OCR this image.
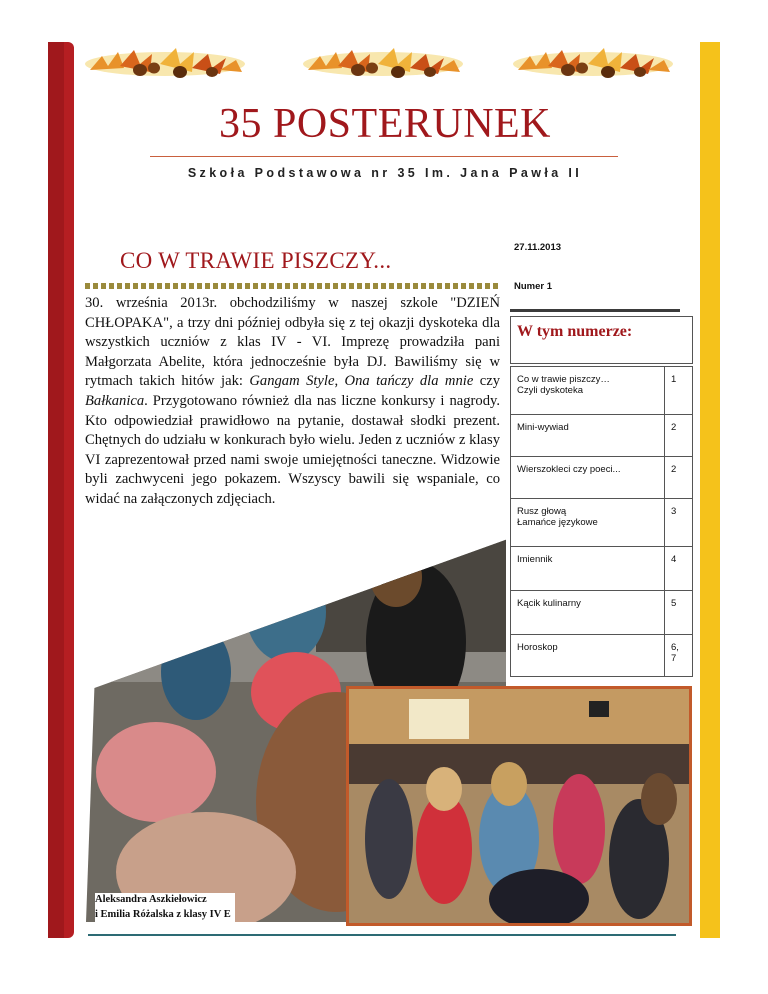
35 POSTERUNEK
Szkoła Podstawowa nr 35 Im. Jana Pawła II
CO W TRAWIE PISZCZY...
30. września 2013r. obchodziliśmy w naszej szkole "DZIEŃ CHŁOPAKA", a trzy dni później odbyła się z tej okazji dyskoteka dla wszystkich uczniów z klas IV - VI. Imprezę prowadziła pani Małgorzata Abelite, która jednocześnie była DJ. Bawiliśmy się w rytmach takich hitów jak: Gangam Style, Ona tańczy dla mnie czy Bałkanica. Przygotowano również dla nas liczne konkursy i nagrody. Kto odpowiedział prawidłowo na pytanie, dostawał słodki prezent. Chętnych do udziału w konkurach było wielu. Jeden z uczniów z klasy VI zaprezentował przed nami swoje umiejętności taneczne. Widzowie byli zachwyceni jego pokazem. Wszyscy bawili się wspaniale, co widać na załączonych zdjęciach.
27.11.2013
Numer 1
W tym numerze:
Co w trawie piszczy…
Czyli dyskoteka	1
Mini-wywiad	2
Wierszokleci czy poeci...	2
Rusz głową
Łamańce językowe	3
Imiennik	4
Kącik kulinarny	5
Horoskop	6, 7
Aleksandra Aszkiełowicz
i Emilia Różalska z klasy IV E
